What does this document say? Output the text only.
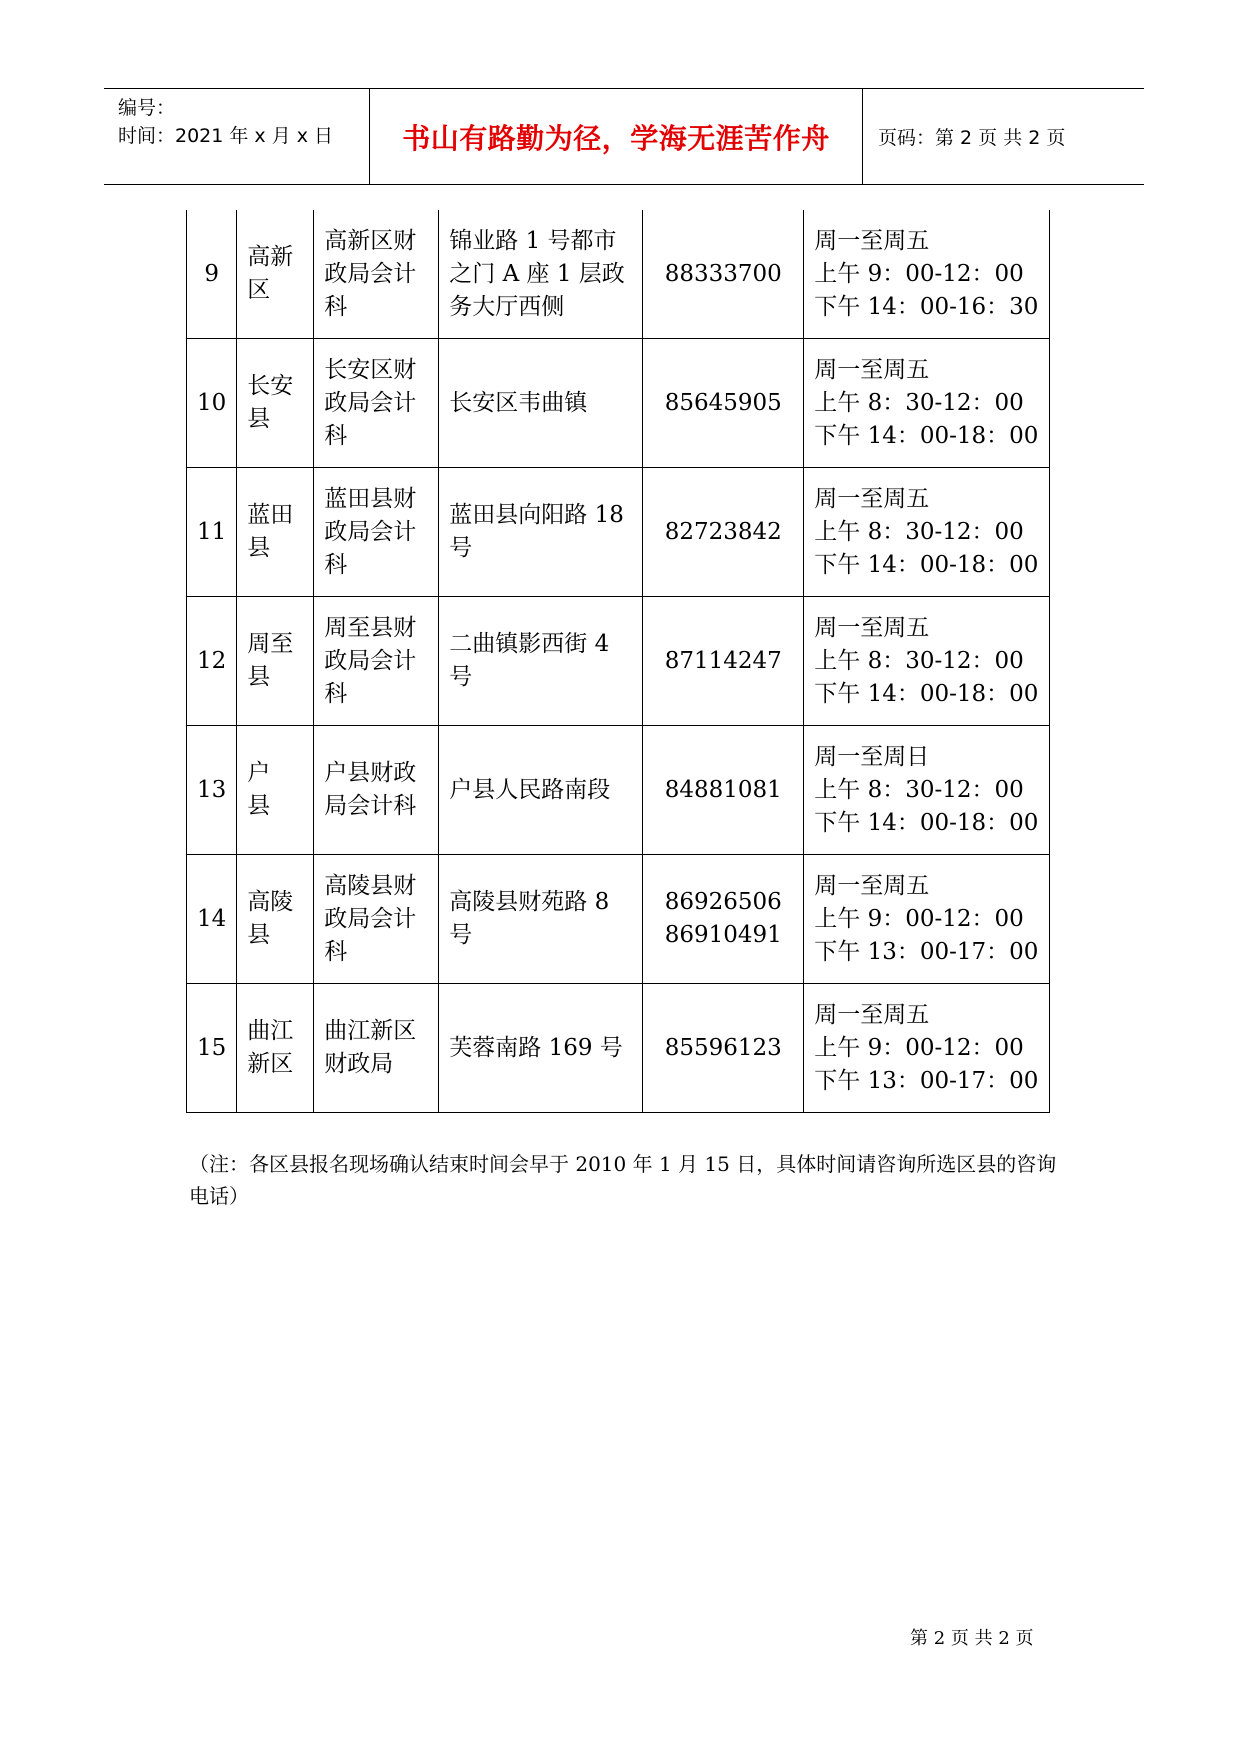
编号：
时间：2021 年 x 月 x 日	书山有路勤为径，学海无涯苦作舟	页码：第 2 页 共 2 页
9	高新
区	高新区财
政局会计
科	锦业路 1 号都市
之门 A 座 1 层政
务大厅西侧	88333700	周一至周五
上午 9：00-12：00
下午 14：00-16：30

10	长安
县	长安区财
政局会计
科	长安区韦曲镇	85645905	周一至周五
上午 8：30-12：00
下午 14：00-18：00

11	蓝田
县	蓝田县财
政局会计
科	蓝田县向阳路 18
号	82723842	周一至周五
上午 8：30-12：00
下午 14：00-18：00

12	周至
县	周至县财
政局会计
科	二曲镇影西街 4
号	87114247	周一至周五
上午 8：30-12：00
下午 14：00-18：00

13	户
县	户县财政
局会计科	户县人民路南段	84881081	周一至周日
上午 8：30-12：00
下午 14：00-18：00

14	高陵
县	高陵县财
政局会计
科	高陵县财苑路 8
号	86926506
86910491	周一至周五
上午 9：00-12：00
下午 13：00-17：00

15	曲江
新区	曲江新区
财政局	芙蓉南路 169 号	85596123	周一至周五
上午 9：00-12：00
下午 13：00-17：00
（注：各区县报名现场确认结束时间会早于 2010 年 1 月 15 日，具体时间请咨询所选区县的咨询电话）
第 2 页 共 2 页
